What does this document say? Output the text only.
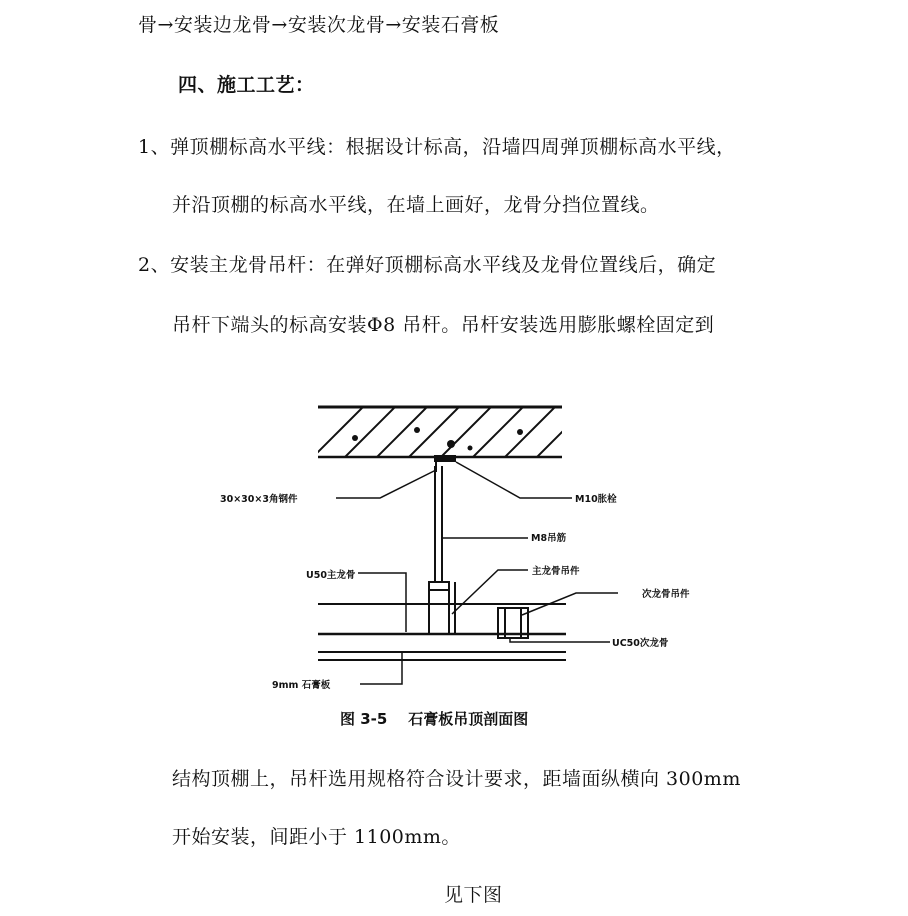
骨→安装边龙骨→安装次龙骨→安装石膏板
四、施工工艺：
1、弹顶棚标高水平线：根据设计标高，沿墙四周弹顶棚标高水平线，
并沿顶棚的标高水平线，在墙上画好，龙骨分挡位置线。
2、安装主龙骨吊杆：在弹好顶棚标高水平线及龙骨位置线后，确定
吊杆下端头的标高安装Φ8 吊杆。吊杆安装选用膨胀螺栓固定到
30×30×3角钢件	M10胀栓
M8吊筋
U50主龙骨	主龙骨吊件
次龙骨吊件
UC50次龙骨
9mm 石膏板
图 3-5    石膏板吊顶剖面图
结构顶棚上，吊杆选用规格符合设计要求，距墙面纵横向 300mm
开始安装，间距小于 1100mm。
见下图
